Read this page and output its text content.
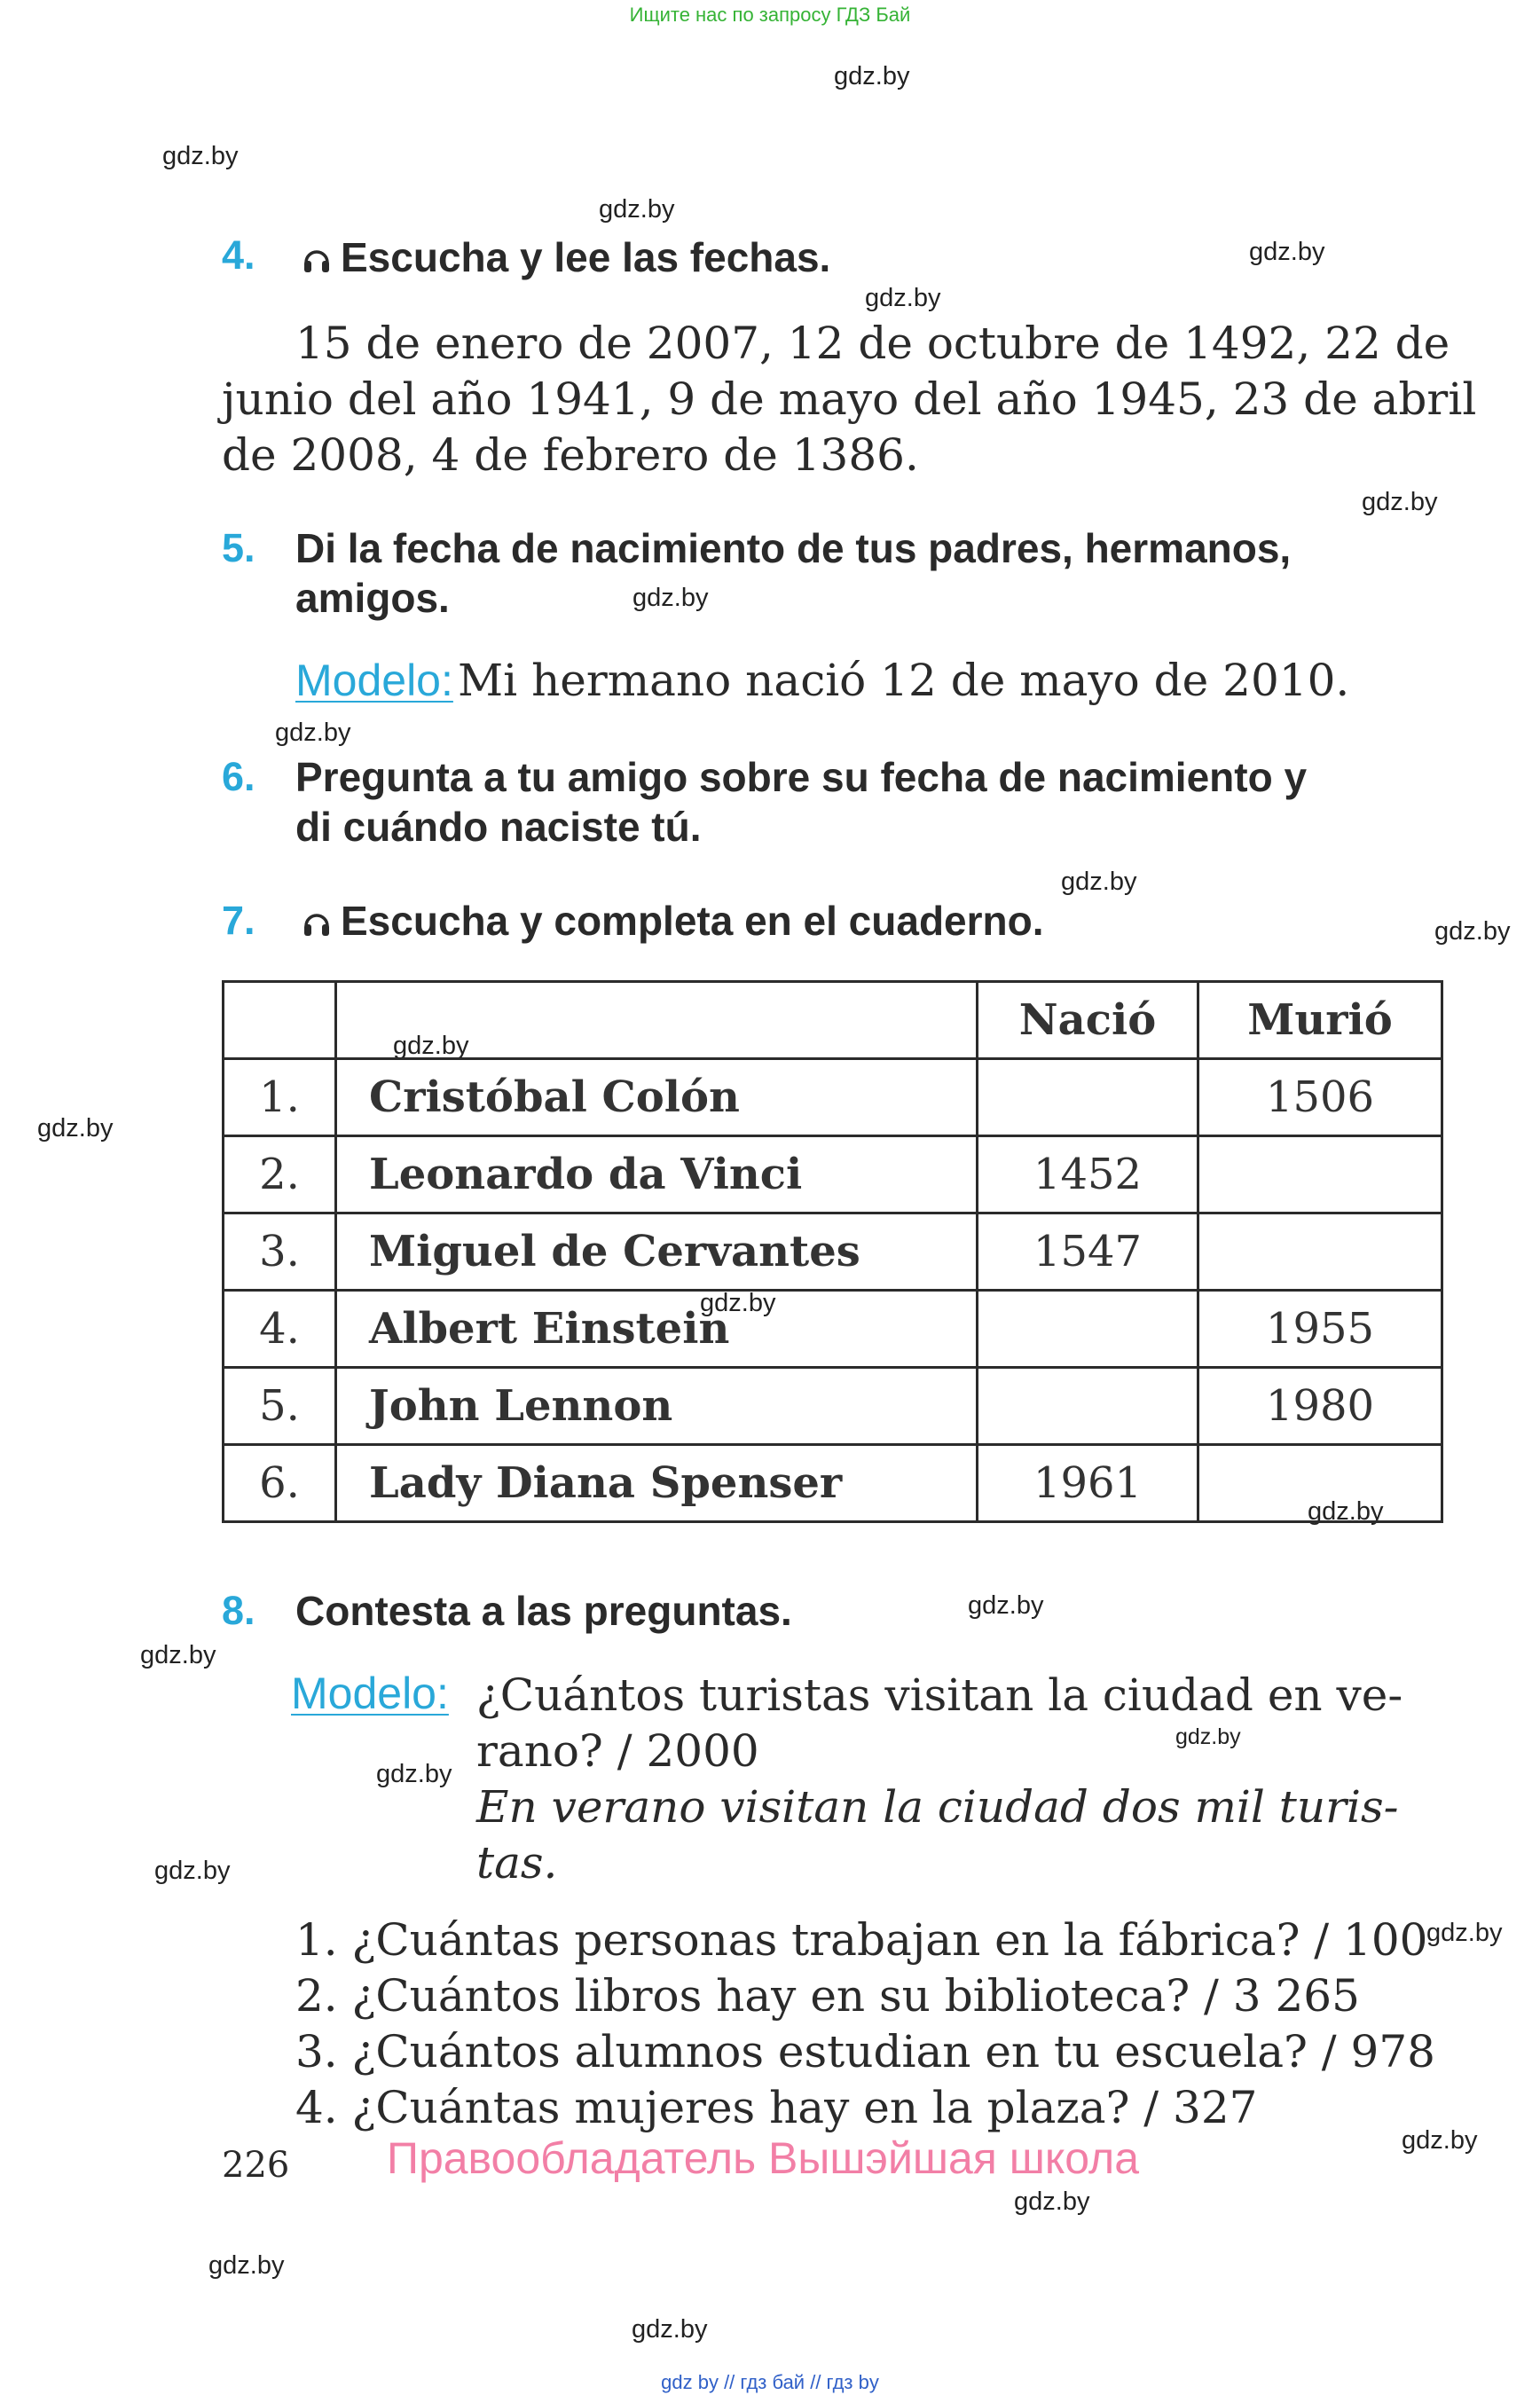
Ищите нас по запросу ГДЗ Бай
gdz.by
gdz.by
gdz.by
gdz.by
gdz.by
gdz.by
gdz.by
gdz.by
gdz.by
gdz.by
gdz.by
gdz.by
gdz.by
gdz.by
gdz.by
gdz.by
gdz.by
gdz.by
gdz.by
gdz.by
gdz.by
gdz.by
gdz.by
gdz.by
4.	Escucha y lee las fechas.
15 de enero de 2007, 12 de octubre de 1492, 22 de
junio del año 1941, 9 de mayo del año 1945, 23 de abril
de 2008, 4 de febrero de 1386.
5. Di la fecha de nacimiento de tus padres, hermanos,
amigos.
Modelo: Mi hermano nació 12 de mayo de 2010.
6. Pregunta a tu amigo sobre su fecha de nacimiento y
di cuándo naciste tú.
7.	Escucha y completa en el cuaderno.
		Nació	Murió
1.	Cristóbal Colón		1506
2.	Leonardo da Vinci	1452	
3.	Miguel de Cervantes	1547	
4.	Albert Einstein		1955
5.	John Lennon		1980
6.	Lady Diana Spenser	1961	
8. Contesta a las preguntas.
Modelo: ¿Cuántos turistas visitan la ciudad en ve-
rano? / 2000
En verano visitan la ciudad dos mil turis-
tas.
1. ¿Cuántas personas trabajan en la fábrica? / 100
2. ¿Cuántos libros hay en su biblioteca? / 3 265
3. ¿Cuántos alumnos estudian en tu escuela? / 978
4. ¿Cuántas mujeres hay en la plaza? / 327
226 Правообладатель Вышэйшая школа
gdz by // гдз бай // гдз by
